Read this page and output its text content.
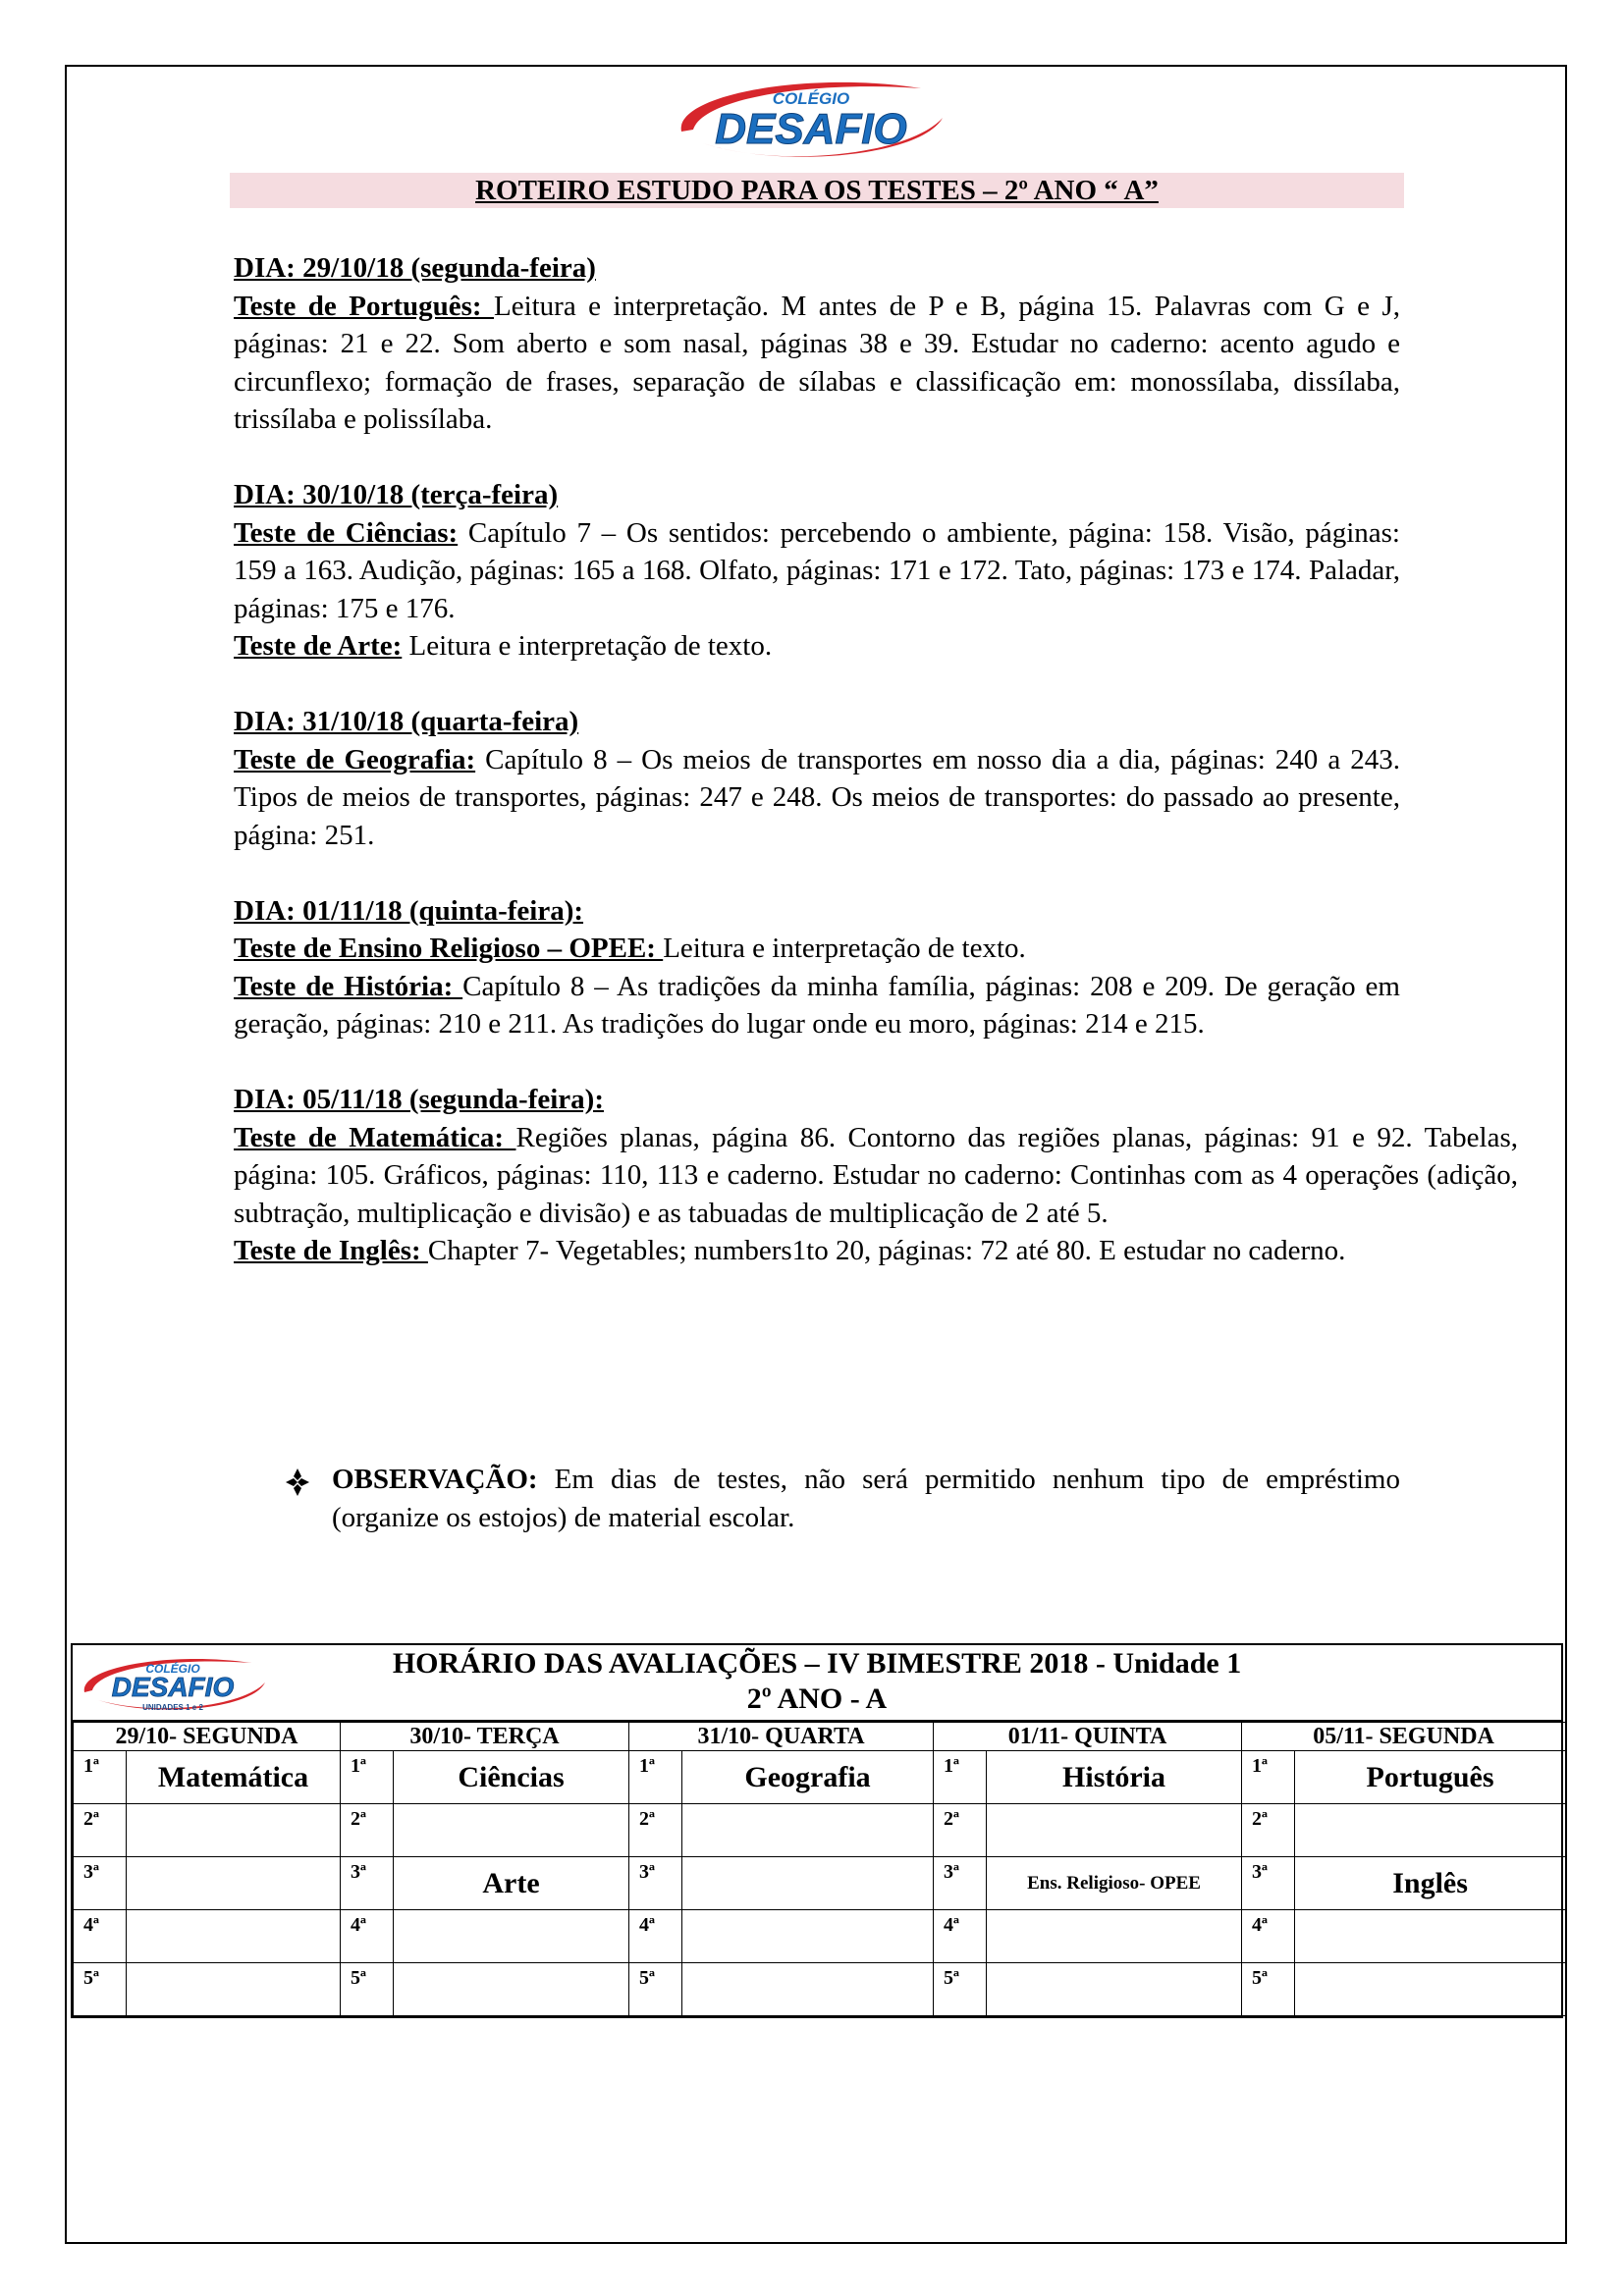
COLÉGIO
DESAFIO
ROTEIRO ESTUDO PARA OS TESTES – 2º ANO “ A”
DIA: 29/10/18 (segunda-feira)
Teste de Português: Leitura e interpretação. M antes de P e B, página 15. Palavras com G e J, páginas: 21 e 22. Som aberto e som nasal, páginas 38 e 39. Estudar no caderno: acento agudo e circunflexo; formação de frases, separação de sílabas e classificação em: monossílaba, dissílaba, trissílaba e polissílaba.
DIA: 30/10/18 (terça-feira)
Teste de Ciências: Capítulo 7 – Os sentidos: percebendo o ambiente, página: 158. Visão, páginas: 159 a 163. Audição, páginas: 165 a 168. Olfato, páginas: 171 e 172. Tato, páginas: 173 e 174. Paladar, páginas: 175 e 176.
Teste de Arte: Leitura e interpretação de texto.
DIA: 31/10/18 (quarta-feira)
Teste de Geografia: Capítulo 8 – Os meios de transportes em nosso dia a dia, páginas: 240 a 243. Tipos de meios de transportes, páginas: 247 e 248. Os meios de transportes: do passado ao presente, página: 251.
DIA: 01/11/18 (quinta-feira):
Teste de Ensino Religioso – OPEE: Leitura e interpretação de texto.
Teste de História: Capítulo 8 – As tradições da minha família, páginas: 208 e 209. De geração em geração, páginas: 210 e 211. As tradições do lugar onde eu moro, páginas: 214 e 215.
DIA: 05/11/18 (segunda-feira):
Teste de Matemática: Regiões planas, página 86. Contorno das regiões planas, páginas: 91 e 92. Tabelas, página: 105. Gráficos, páginas: 110, 113 e caderno. Estudar no caderno: Continhas com as 4 operações (adição, subtração, multiplicação e divisão) e as tabuadas de multiplicação de 2 até 5.
Teste de Inglês: Chapter 7- Vegetables; numbers1to 20, páginas: 72 até 80. E estudar no caderno.
OBSERVAÇÃO: Em dias de testes, não será permitido nenhum tipo de empréstimo (organize os estojos) de material escolar.
HORÁRIO DAS AVALIAÇÕES – IV BIMESTRE 2018 - Unidade 1
2º ANO - A
29/10- SEGUNDA		30/10- TERÇA		31/10- QUARTA		01/11- QUINTA		05/11- SEGUNDA	
1ª	Matemática	1ª	Ciências	1ª	Geografia	1ª	História	1ª	Português
2ª		2ª		2ª		2ª		2ª	
3ª		3ª	Arte	3ª		3ª	Ens. Religioso- OPEE	3ª	Inglês
4ª		4ª		4ª		4ª		4ª	
5ª		5ª		5ª		5ª		5ª	
COLÉGIO
DESAFIO
UNIDADES 1 e 2
